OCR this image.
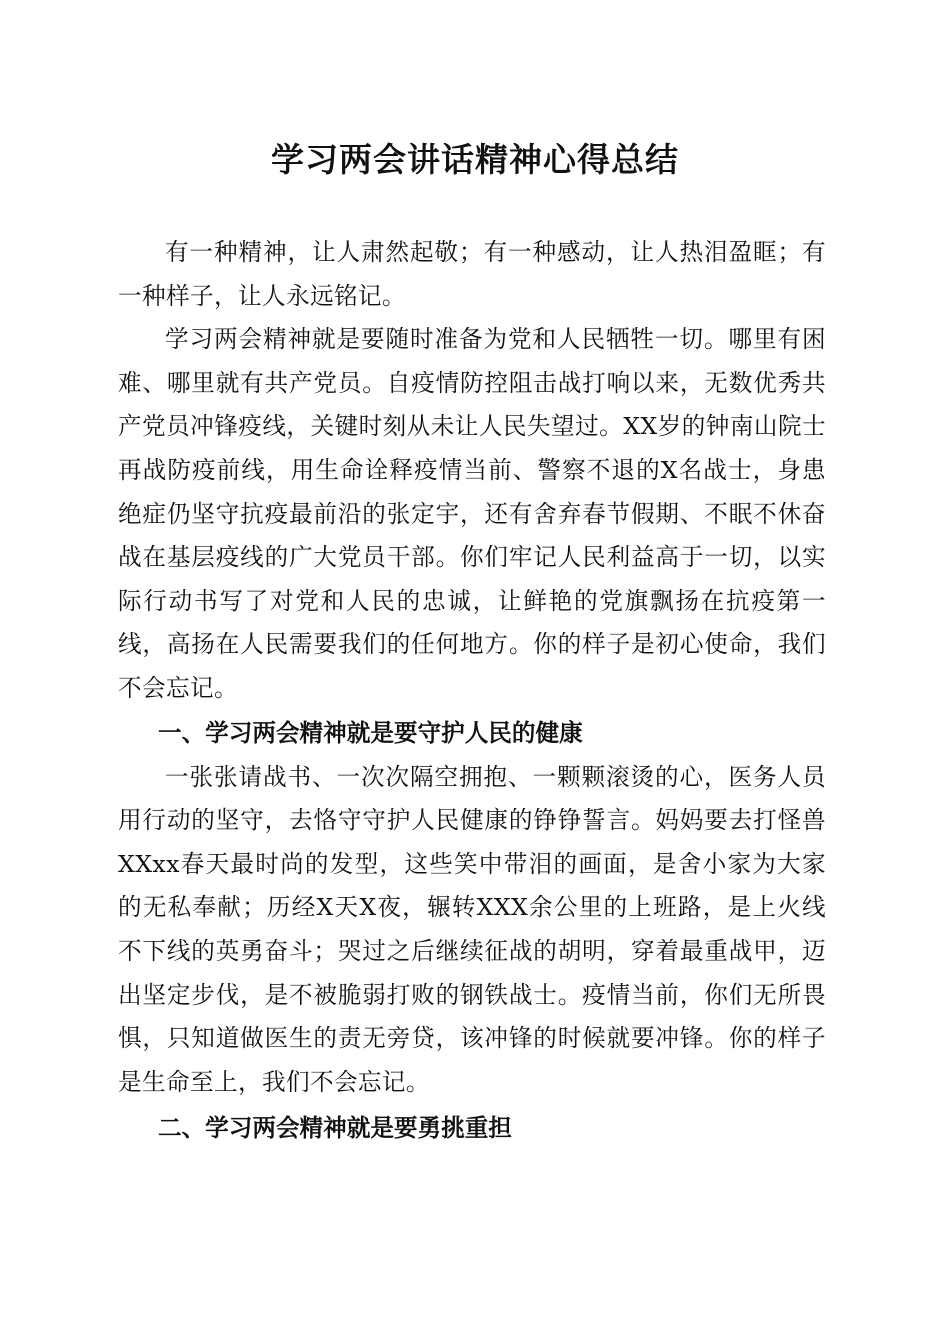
学习两会讲话精神心得总结

有一种精神，让人肃然起敬；有一种感动，让人热泪盈眶；有一种样子，让人永远铭记。

学习两会精神就是要随时准备为党和人民牺牲一切。哪里有困难、哪里就有共产党员。自疫情防控阻击战打响以来，无数优秀共产党员冲锋疫线，关键时刻从未让人民失望过。XX岁的钟南山院士再战防疫前线，用生命诠释疫情当前、警察不退的X名战士，身患绝症仍坚守抗疫最前沿的张定宇，还有舍弃春节假期、不眠不休奋战在基层疫线的广大党员干部。你们牢记人民利益高于一切，以实际行动书写了对党和人民的忠诚，让鲜艳的党旗飘扬在抗疫第一线，高扬在人民需要我们的任何地方。你的样子是初心使命，我们不会忘记。

一、学习两会精神就是要守护人民的健康

一张张请战书、一次次隔空拥抱、一颗颗滚烫的心，医务人员用行动的坚守，去恪守守护人民健康的铮铮誓言。妈妈要去打怪兽XXxx春天最时尚的发型，这些笑中带泪的画面，是舍小家为大家的无私奉献；历经X天X夜，辗转XXX余公里的上班路，是上火线不下线的英勇奋斗；哭过之后继续征战的胡明，穿着最重战甲，迈出坚定步伐，是不被脆弱打败的钢铁战士。疫情当前，你们无所畏惧，只知道做医生的责无旁贷，该冲锋的时候就要冲锋。你的样子是生命至上，我们不会忘记。

二、学习两会精神就是要勇挑重担
